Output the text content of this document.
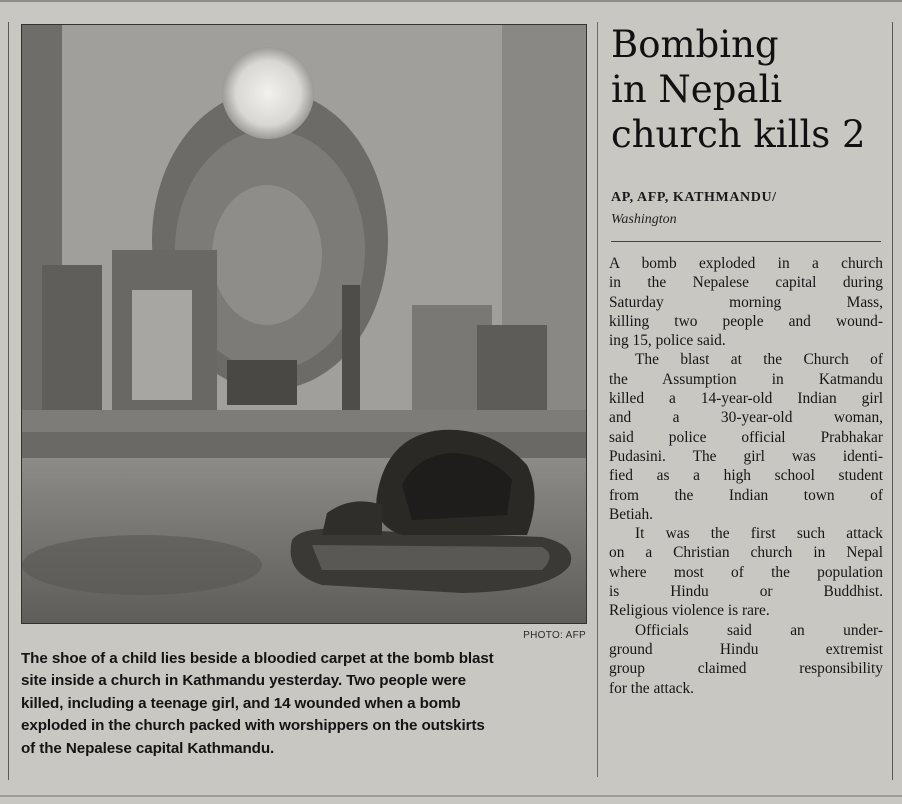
PHOTO: AFP
The shoe of a child lies beside a bloodied carpet at the bomb blast
site inside a church in Kathmandu yesterday. Two people were
killed, including a teenage girl, and 14 wounded when a bomb
exploded in the church packed with worshippers on the outskirts
of the Nepalese capital Kathmandu.
Bombing
in Nepali
church kills 2
AP, AFP, KATHMANDU/
Washington
A bomb exploded in a church
in the Nepalese capital during
Saturday morning Mass,
killing two people and wound-
ing 15, police said.
The blast at the Church of
the Assumption in Katmandu
killed a 14-year-old Indian girl
and a 30-year-old woman,
said police official Prabhakar
Pudasini. The girl was identi-
fied as a high school student
from the Indian town of
Betiah.
It was the first such attack
on a Christian church in Nepal
where most of the population
is Hindu or Buddhist.
Religious violence is rare.
Officials said an under-
ground Hindu extremist
group claimed responsibility
for the attack.
